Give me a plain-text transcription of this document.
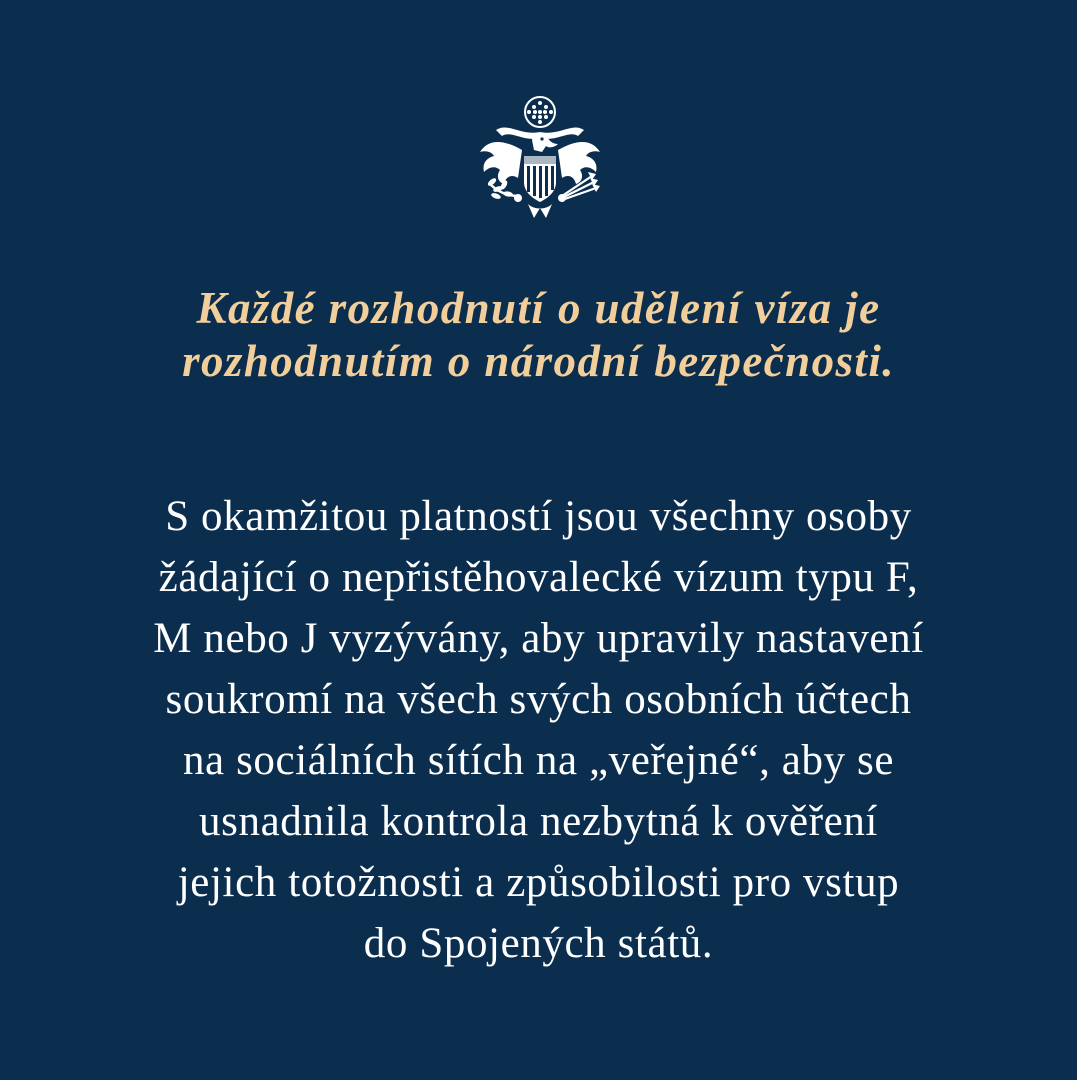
Každé rozhodnutí o udělení víza je
rozhodnutím o národní bezpečnosti.

S okamžitou platností jsou všechny osoby
žádající o nepřistěhovalecké vízum typu F,
M nebo J vyzývány, aby upravily nastavení
soukromí na všech svých osobních účtech
na sociálních sítích na „veřejné“, aby se
usnadnila kontrola nezbytná k ověření
jejich totožnosti a způsobilosti pro vstup
do Spojených států.
